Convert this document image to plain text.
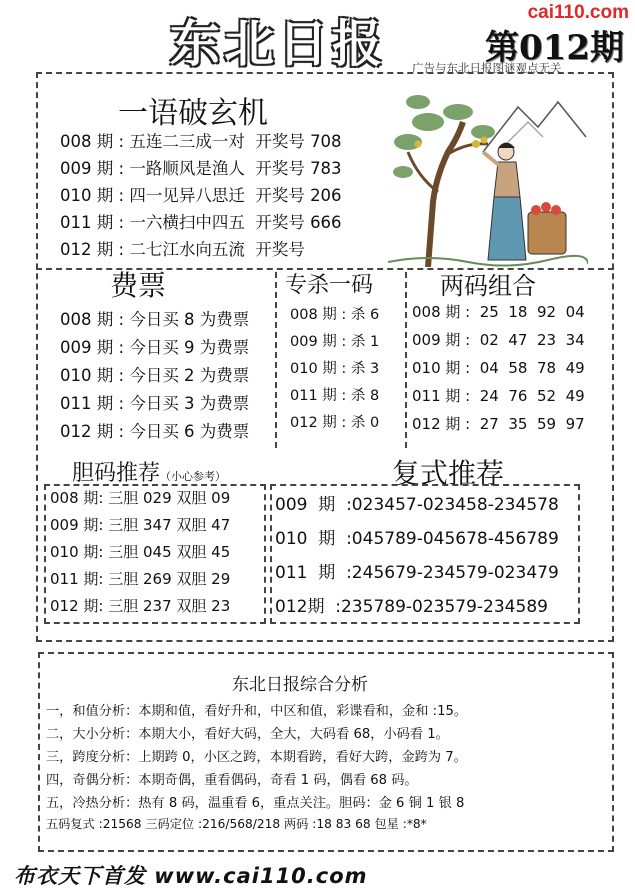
东北日报
cai110.com
第012期
广告与东北日报图谜观点无关
一语破玄机
008 期 : 五连二三成一对 开奖号 708
009 期 : 一路顺风是渔人 开奖号 783
010 期 : 四一见异八思迁 开奖号 206
011 期 : 一六横扫中四五 开奖号 666
012 期 : 二七江水向五流 开奖号
费票
008 期 : 今日买 8 为费票
009 期 : 今日买 9 为费票
010 期 : 今日买 2 为费票
011 期 : 今日买 3 为费票
012 期 : 今日买 6 为费票
专杀一码
008 期 : 杀 6
009 期 : 杀 1
010 期 : 杀 3
011 期 : 杀 8
012 期 : 杀 0
两码组合
008 期 :  25  18  92  04
009 期 :  02  47  23  34
010 期 :  04  58  78  49
011 期 :  24  76  52  49
012 期 :  27  35  59  97
胆码推荐（小心参考）
008 期: 三胆 029 双胆 09
009 期: 三胆 347 双胆 47
010 期: 三胆 045 双胆 45
011 期: 三胆 269 双胆 29
012 期: 三胆 237 双胆 23
复式推荐
009  期 :023457-023458-234578
010  期 :045789-045678-456789
011  期 :245679-234579-023479
012期 :235789-023579-234589
东北日报综合分析
一，和值分析：本期和值，看好升和，中区和值，彩谍看和，金和 :15。
二，大小分析：本期大小，看好大码，全大，大码看 68，小码看 1。
三，跨度分析：上期跨 0，小区之跨，本期看跨，看好大跨，金跨为 7。
四，奇偶分析：本期奇偶，重看偶码，奇看 1 码，偶看 68 码。
五，冷热分析：热有 8 码，温重看 6，重点关注。胆码：金 6 铜 1 银 8
五码复式 :21568 三码定位 :216/568/218 两码 :18 83 68 包星 :*8*
布衣天下首发 www.cai110.com
